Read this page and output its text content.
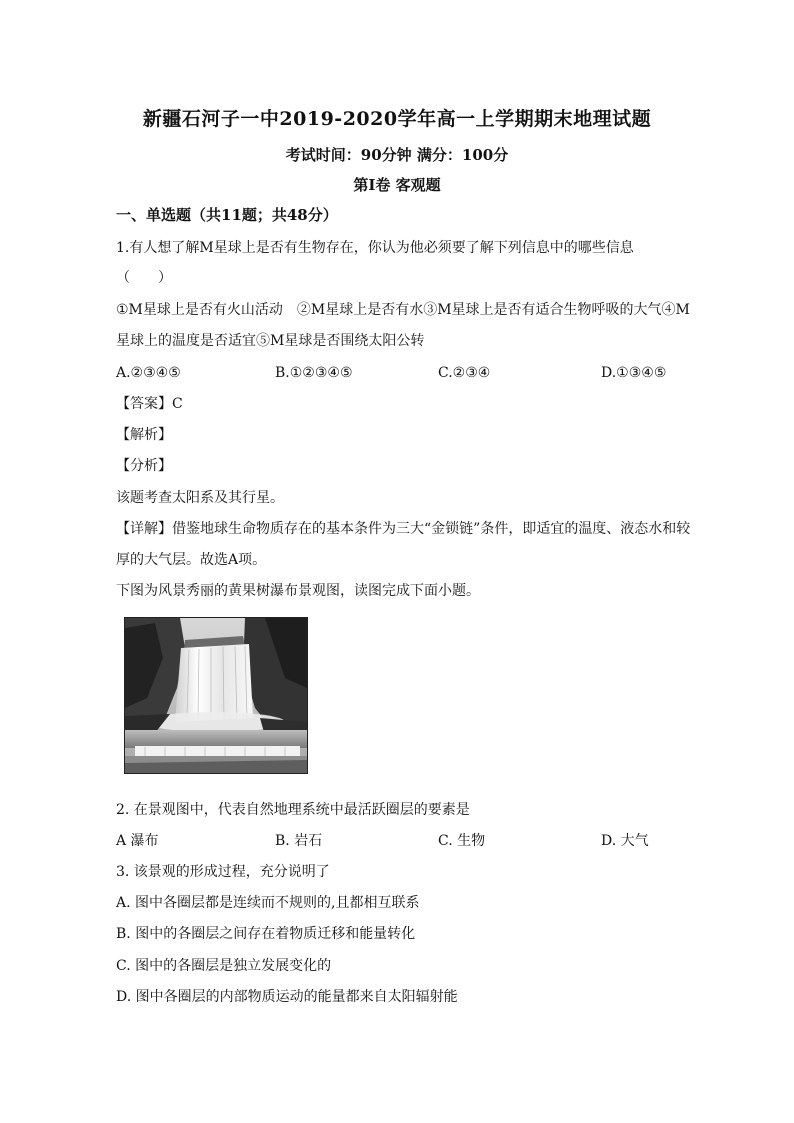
新疆石河子一中2019-2020学年高一上学期期末地理试题
考试时间：90分钟 满分：100分
第Ⅰ卷 客观题
一、单选题（共11题；共48分）
1.有人想了解M星球上是否有生物存在，你认为他必须要了解下列信息中的哪些信息
（　　）
①M星球上是否有火山活动　②M星球上是否有水③M星球上是否有适合生物呼吸的大气④M
星球上的温度是否适宜⑤M星球是否围绕太阳公转
A.②③④⑤	B.①②③④⑤	C.②③④	D.①③④⑤
【答案】C
【解析】
【分析】
该题考查太阳系及其行星。
【详解】借鉴地球生命物质存在的基本条件为三大“金锁链”条件，即适宜的温度、液态水和较
厚的大气层。故选A项。
下图为风景秀丽的黄果树瀑布景观图，读图完成下面小题。
2. 在景观图中，代表自然地理系统中最活跃圈层的要素是
A 瀑布	B. 岩石	C. 生物	D. 大气
3. 该景观的形成过程，充分说明了
A. 图中各圈层都是连续而不规则的,且都相互联系
B. 图中的各圈层之间存在着物质迁移和能量转化
C. 图中的各圈层是独立发展变化的
D. 图中各圈层的内部物质运动的能量都来自太阳辐射能
